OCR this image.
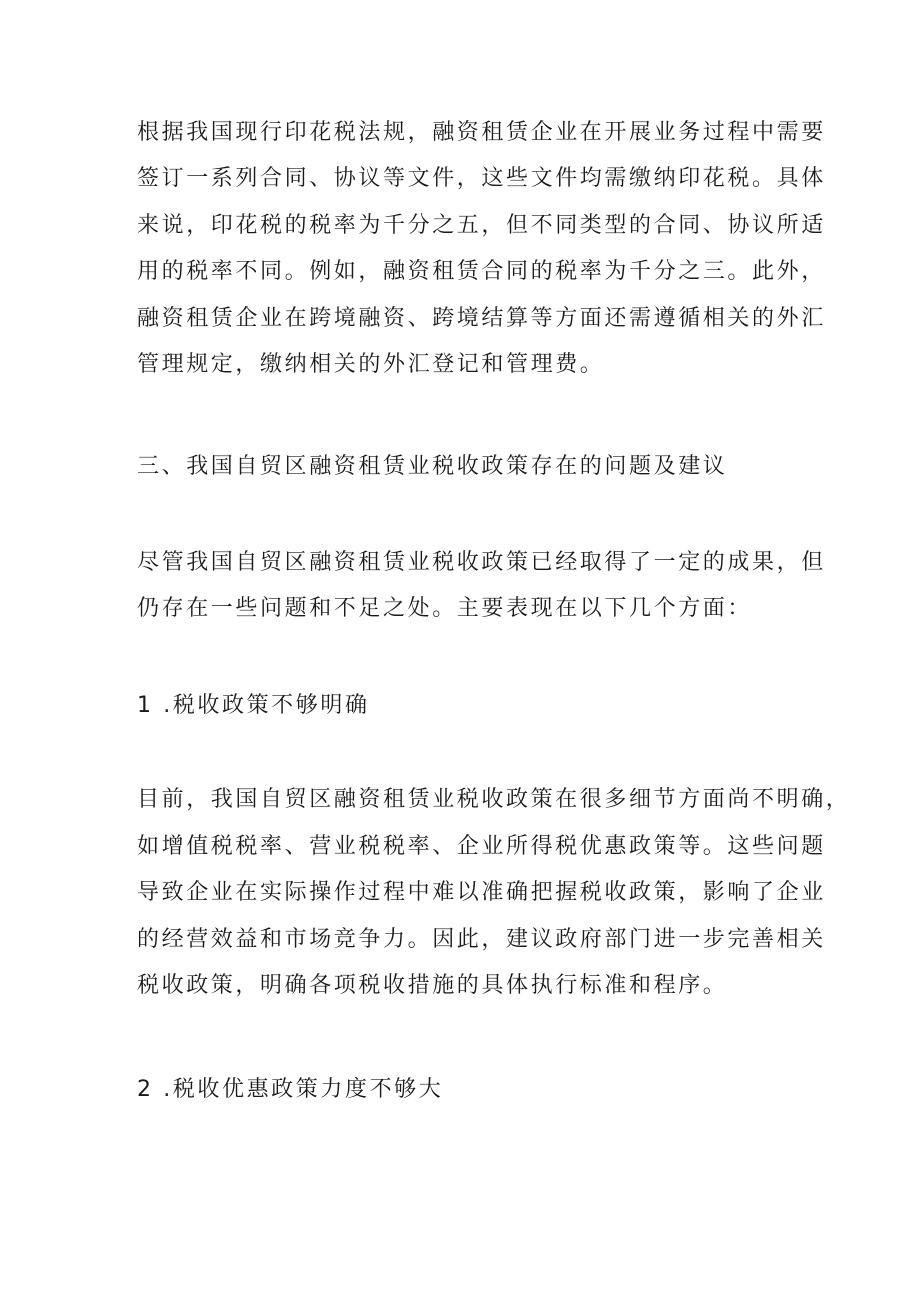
根据我国现行印花税法规，融资租赁企业在开展业务过程中需要
签订一系列合同、协议等文件，这些文件均需缴纳印花税。具体
来说，印花税的税率为千分之五，但不同类型的合同、协议所适
用的税率不同。例如，融资租赁合同的税率为千分之三。此外，
融资租赁企业在跨境融资、跨境结算等方面还需遵循相关的外汇
管理规定，缴纳相关的外汇登记和管理费。
三、我国自贸区融资租赁业税收政策存在的问题及建议
尽管我国自贸区融资租赁业税收政策已经取得了一定的成果，但
仍存在一些问题和不足之处。主要表现在以下几个方面：
1 .税收政策不够明确
目前，我国自贸区融资租赁业税收政策在很多细节方面尚不明确，
如增值税税率、营业税税率、企业所得税优惠政策等。这些问题
导致企业在实际操作过程中难以准确把握税收政策，影响了企业
的经营效益和市场竞争力。因此，建议政府部门进一步完善相关
税收政策，明确各项税收措施的具体执行标准和程序。
2 .税收优惠政策力度不够大
